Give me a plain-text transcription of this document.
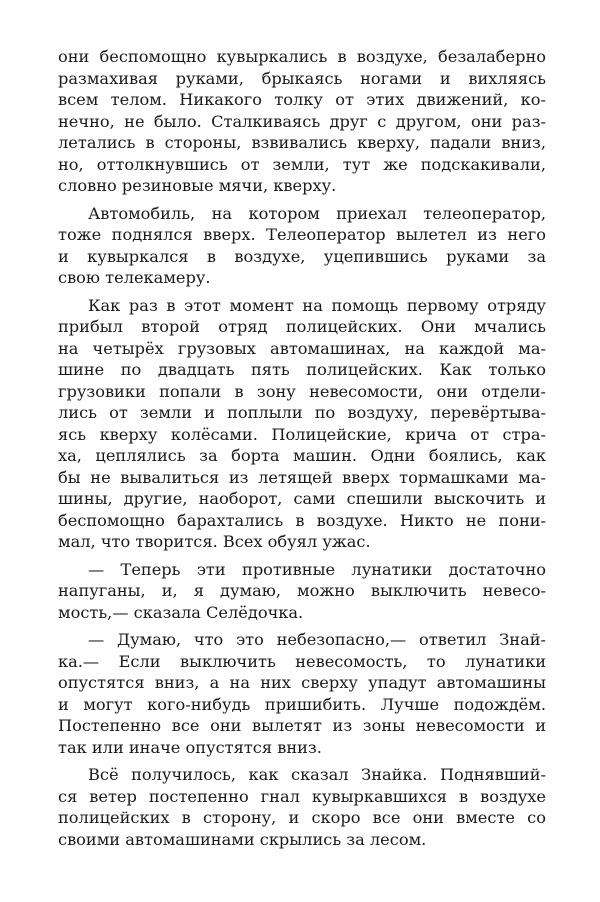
они беспомощно кувыркались в воздухе, безалаберно
размахивая руками, брыкаясь ногами и вихляясь
всем телом. Никакого толку от этих движений, ко-
нечно, не было. Сталкиваясь друг с другом, они раз-
летались в стороны, взвивались кверху, падали вниз,
но, оттолкнувшись от земли, тут же подскакивали,
словно резиновые мячи, кверху.
Автомобиль, на котором приехал телеоператор,
тоже поднялся вверх. Телеоператор вылетел из него
и кувыркался в воздухе, уцепившись руками за
свою телекамеру.
Как раз в этот момент на помощь первому отряду
прибыл второй отряд полицейских. Они мчались
на четырёх грузовых автомашинах, на каждой ма-
шине по двадцать пять полицейских. Как только
грузовики попали в зону невесомости, они отдели-
лись от земли и поплыли по воздуху, перевёртыва-
ясь кверху колёсами. Полицейские, крича от стра-
ха, цеплялись за борта машин. Одни боялись, как
бы не вывалиться из летящей вверх тормашками ма-
шины, другие, наоборот, сами спешили выскочить и
беспомощно барахтались в воздухе. Никто не пони-
мал, что творится. Всех обуял ужас.
— Теперь эти противные лунатики достаточно
напуганы, и, я думаю, можно выключить невесо-
мость,— сказала Селёдочка.
— Думаю, что это небезопасно,— ответил Знай-
ка.— Если выключить невесомость, то лунатики
опустятся вниз, а на них сверху упадут автомашины
и могут кого-нибудь пришибить. Лучше подождём.
Постепенно все они вылетят из зоны невесомости и
так или иначе опустятся вниз.
Всё получилось, как сказал Знайка. Поднявший-
ся ветер постепенно гнал кувыркавшихся в воздухе
полицейских в сторону, и скоро все они вместе со
своими автомашинами скрылись за лесом.
